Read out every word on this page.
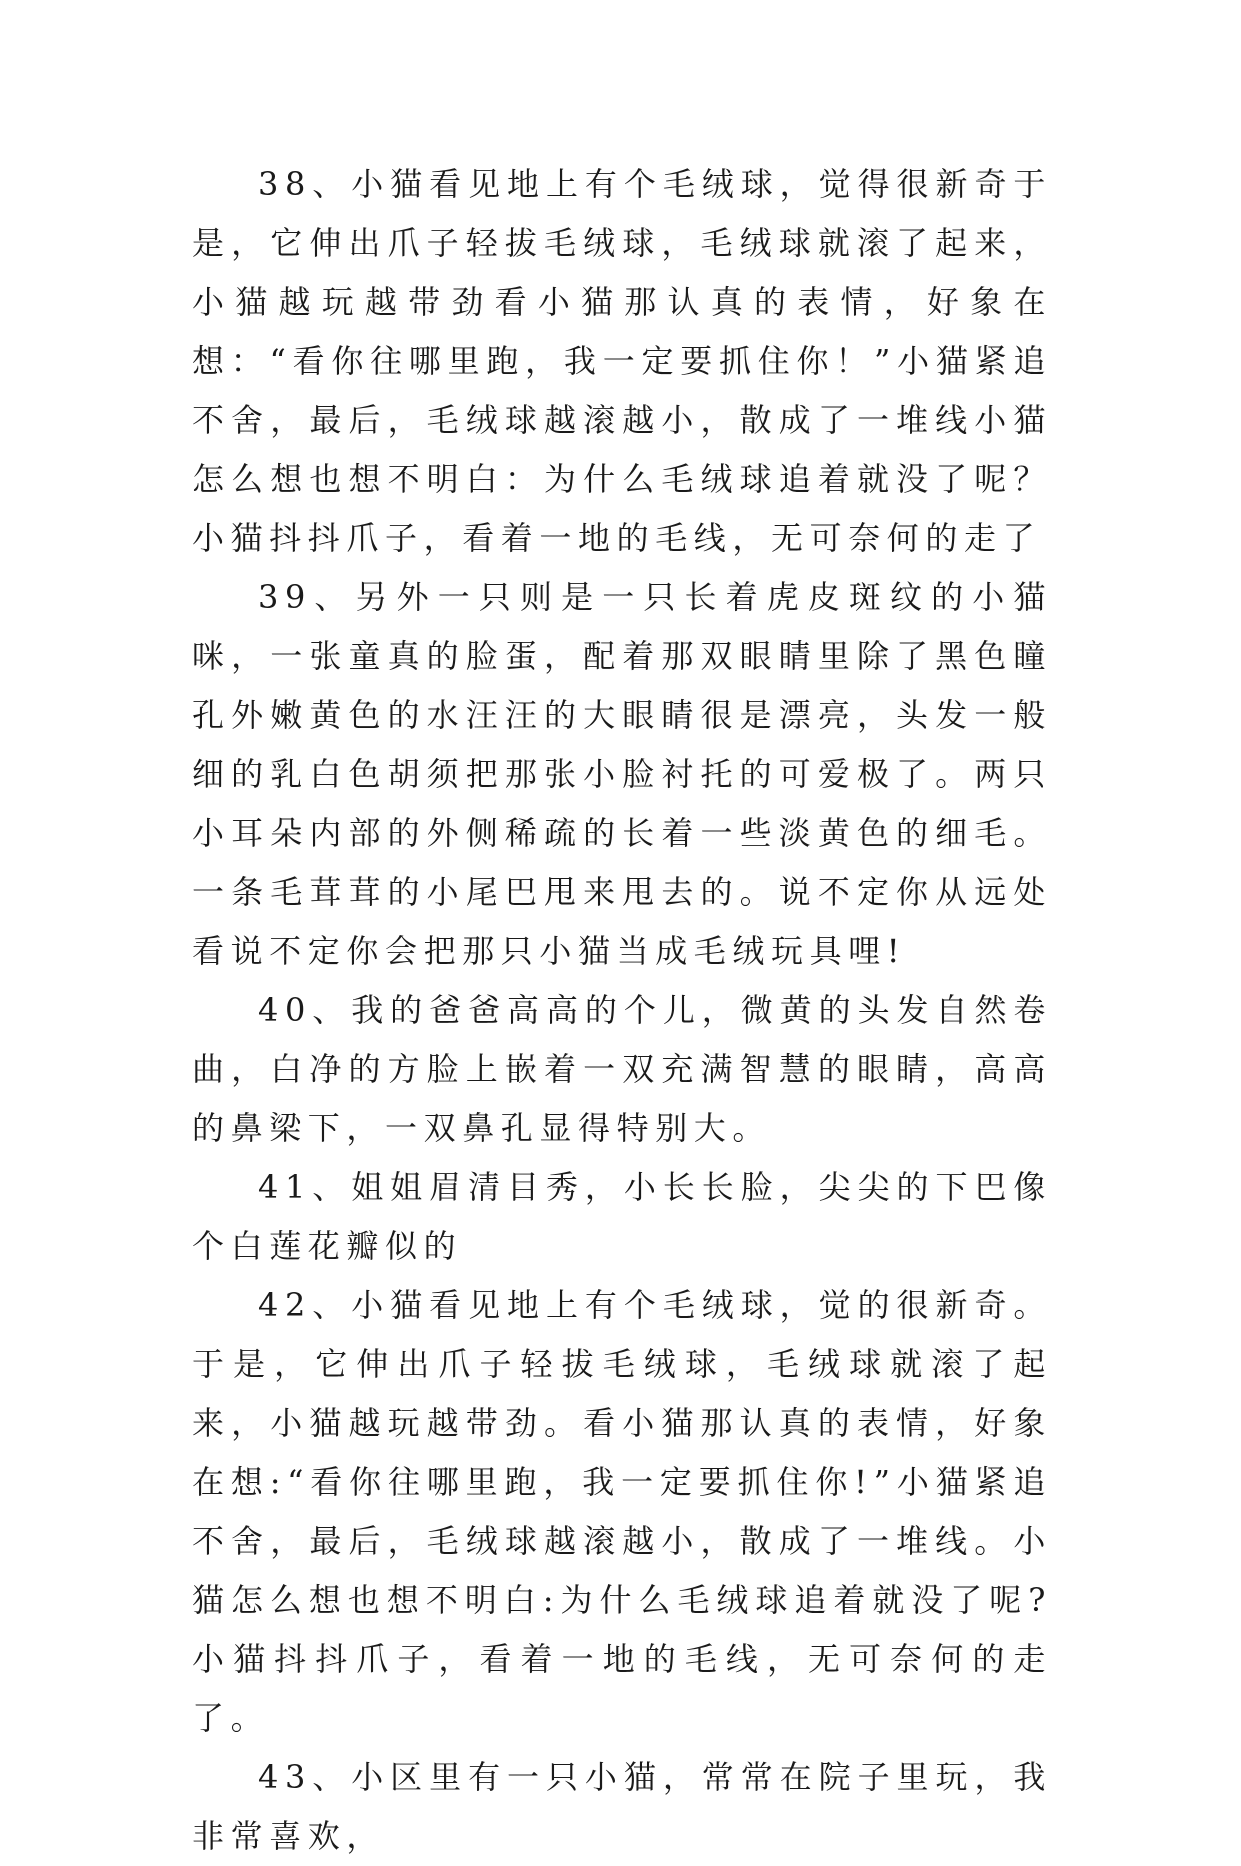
38、小猫看见地上有个毛绒球，觉得很新奇于是，它伸出爪子轻拔毛绒球，毛绒球就滚了起来，小猫越玩越带劲看小猫那认真的表情，好象在想：“看你往哪里跑，我一定要抓住你！”小猫紧追不舍，最后，毛绒球越滚越小，散成了一堆线小猫怎么想也想不明白：为什么毛绒球追着就没了呢？小猫抖抖爪子，看着一地的毛线，无可奈何的走了

39、另外一只则是一只长着虎皮斑纹的小猫咪，一张童真的脸蛋，配着那双眼睛里除了黑色瞳孔外嫩黄色的水汪汪的大眼睛很是漂亮，头发一般细的乳白色胡须把那张小脸衬托的可爱极了。两只小耳朵内部的外侧稀疏的长着一些淡黄色的细毛。一条毛茸茸的小尾巴甩来甩去的。说不定你从远处看说不定你会把那只小猫当成毛绒玩具哩!

40、我的爸爸高高的个儿，微黄的头发自然卷曲，白净的方脸上嵌着一双充满智慧的眼睛，高高的鼻梁下，一双鼻孔显得特别大。

41、姐姐眉清目秀，小长长脸，尖尖的下巴像个白莲花瓣似的

42、小猫看见地上有个毛绒球，觉的很新奇。于是，它伸出爪子轻拔毛绒球，毛绒球就滚了起来，小猫越玩越带劲。看小猫那认真的表情，好象在想:“看你往哪里跑，我一定要抓住你!”小猫紧追不舍，最后，毛绒球越滚越小，散成了一堆线。小猫怎么想也想不明白:为什么毛绒球追着就没了呢?小猫抖抖爪子，看着一地的毛线，无可奈何的走了。

43、小区里有一只小猫，常常在院子里玩，我非常喜欢，
